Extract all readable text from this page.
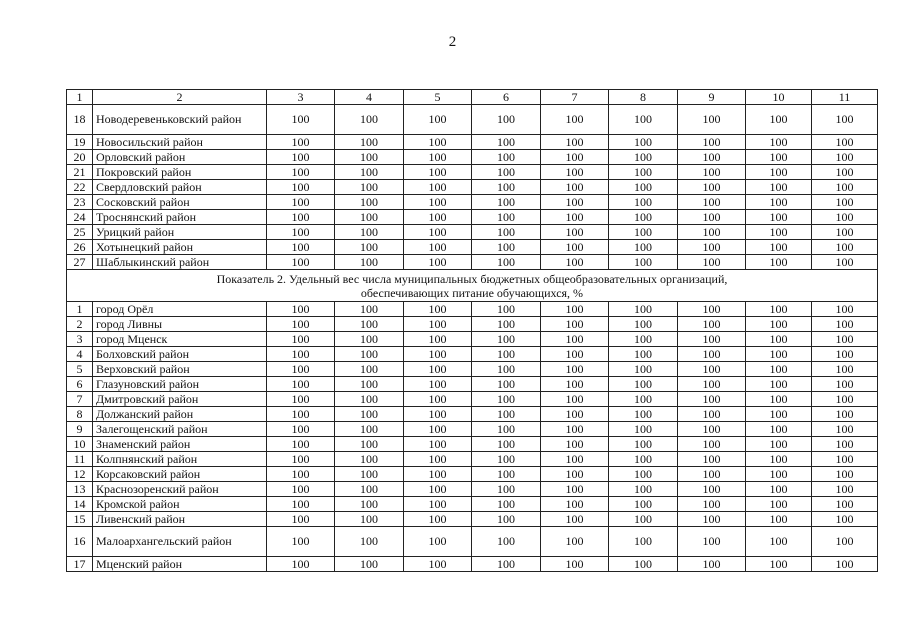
2
1	2	3	4	5	6	7	8	9	10	11
18	Новодеревеньковский район	100	100	100	100	100	100	100	100	100
19	Новосильский район	100	100	100	100	100	100	100	100	100
20	Орловский район	100	100	100	100	100	100	100	100	100
21	Покровский район	100	100	100	100	100	100	100	100	100
22	Свердловский район	100	100	100	100	100	100	100	100	100
23	Сосковский район	100	100	100	100	100	100	100	100	100
24	Троснянский район	100	100	100	100	100	100	100	100	100
25	Урицкий район	100	100	100	100	100	100	100	100	100
26	Хотынецкий район	100	100	100	100	100	100	100	100	100
27	Шаблыкинский район	100	100	100	100	100	100	100	100	100

Показатель 2. Удельный вес числа муниципальных бюджетных общеобразовательных организаций,
обеспечивающих питание обучающихся, %										

1	город Орёл	100	100	100	100	100	100	100	100	100
2	город Ливны	100	100	100	100	100	100	100	100	100
3	город Мценск	100	100	100	100	100	100	100	100	100
4	Болховский район	100	100	100	100	100	100	100	100	100
5	Верховский район	100	100	100	100	100	100	100	100	100
6	Глазуновский район	100	100	100	100	100	100	100	100	100
7	Дмитровский район	100	100	100	100	100	100	100	100	100
8	Должанский район	100	100	100	100	100	100	100	100	100
9	Залегощенский район	100	100	100	100	100	100	100	100	100
10	Знаменский район	100	100	100	100	100	100	100	100	100
11	Колпнянский район	100	100	100	100	100	100	100	100	100
12	Корсаковский район	100	100	100	100	100	100	100	100	100
13	Краснозоренский район	100	100	100	100	100	100	100	100	100
14	Кромской район	100	100	100	100	100	100	100	100	100
15	Ливенский район	100	100	100	100	100	100	100	100	100
16	Малоархангельский район	100	100	100	100	100	100	100	100	100
17	Мценский район	100	100	100	100	100	100	100	100	100
